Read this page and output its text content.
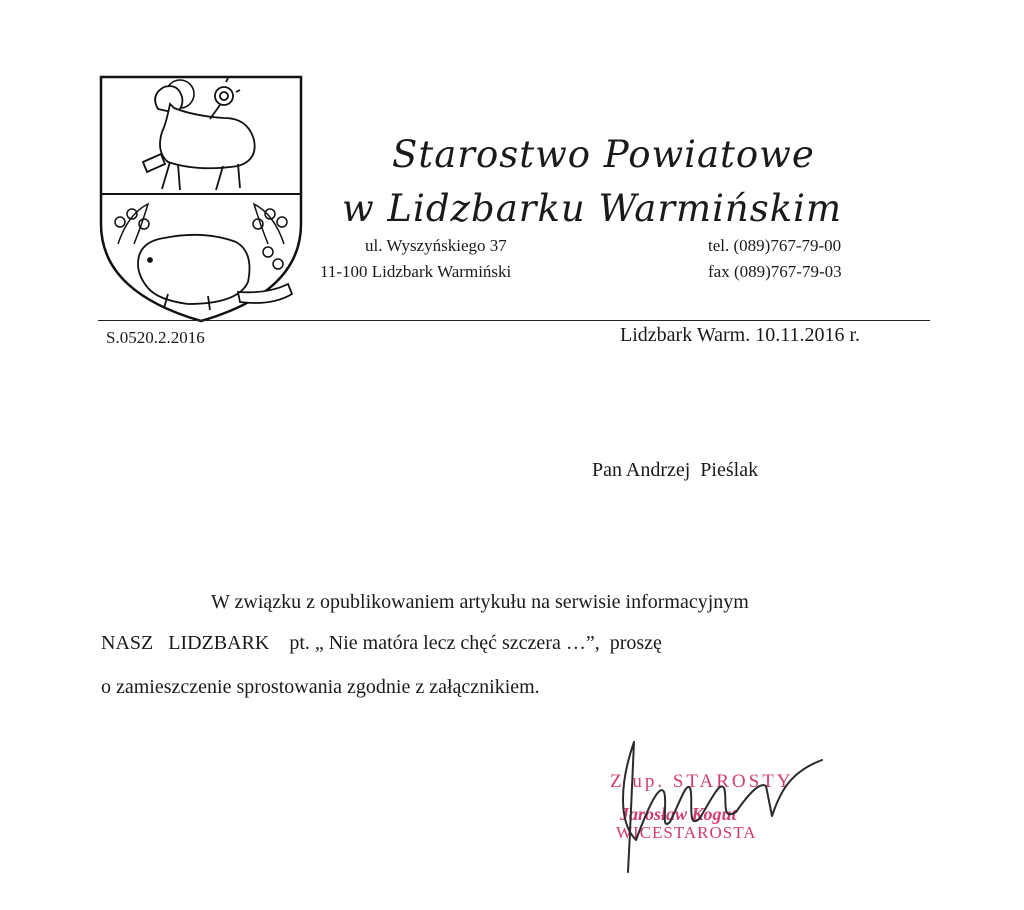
Starostwo Powiatowe
w Lidzbarku Warmińskim
ul. Wyszyńskiego 37
11-100 Lidzbark Warmiński
tel. (089)767-79-00
fax (089)767-79-03
S.0520.2.2016	Lidzbark Warm. 10.11.2016 r.
Pan Andrzej  Pieślak
W związku z opublikowaniem artykułu na serwisie informacyjnym
NASZ   LIDZBARK    pt. „ Nie matóra lecz chęć szczera …”,  proszę
o zamieszczenie sprostowania zgodnie z załącznikiem.
Z up. STAROSTY
Jarosław Kogut
WICESTAROSTA
